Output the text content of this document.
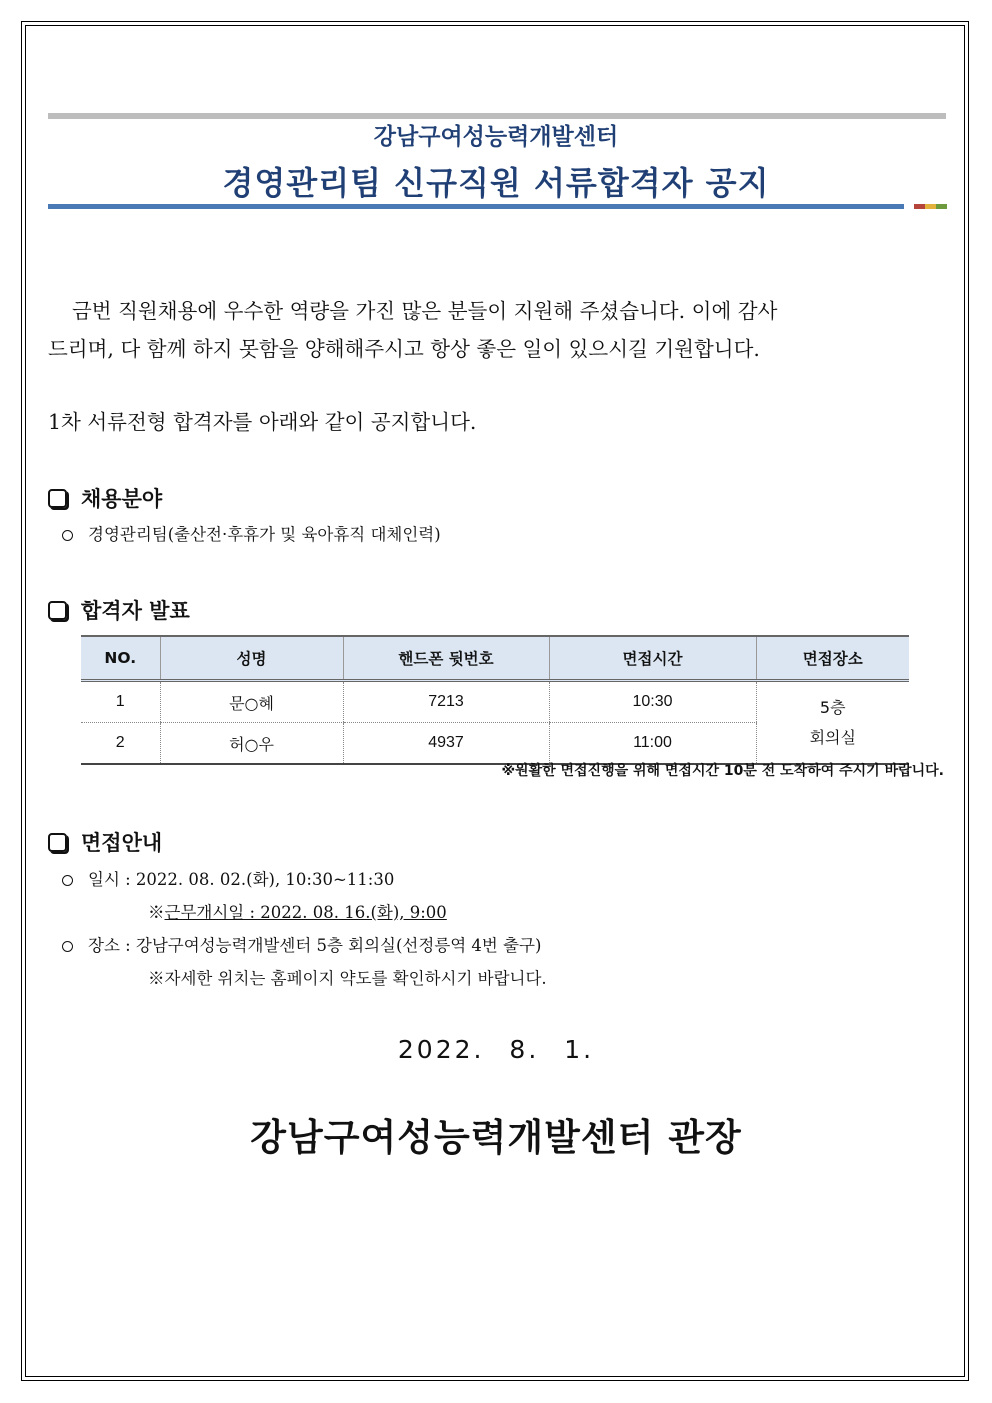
강남구여성능력개발센터
경영관리팀 신규직원 서류합격자 공지
금번 직원채용에 우수한 역량을 가진 많은 분들이 지원해 주셨습니다. 이에 감사
드리며, 다 함께 하지 못함을 양해해주시고 항상 좋은 일이 있으시길 기원합니다.
1차 서류전형 합격자를 아래와 같이 공지합니다.
채용분야
경영관리팀(출산전·후휴가 및 육아휴직 대체인력)
합격자 발표
NO.	성명	핸드폰 뒷번호	면접시간	면접장소
1	문○혜	7213	10:30	5층
회의실

2	허○우	4937	11:00	
※원활한 면접진행을 위해 면접시간 10분 전 도착하여 주시기 바랍니다.
면접안내
일시 : 2022. 08. 02.(화), 10:30~11:30
※근무개시일 : 2022. 08. 16.(화), 9:00
장소 : 강남구여성능력개발센터 5층 회의실(선정릉역 4번 출구)
※자세한 위치는 홈페이지 약도를 확인하시기 바랍니다.
2022. 8. 1.
강남구여성능력개발센터 관장
